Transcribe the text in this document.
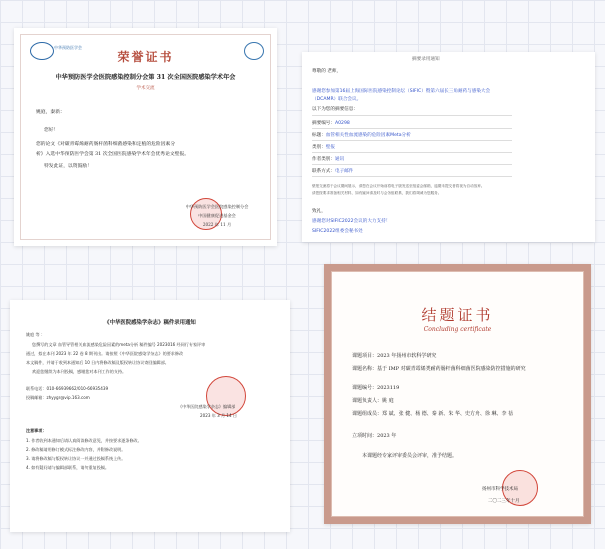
中华预防医学会
荣誉证书
中华预防医学会医院感染控制分会第 31 次全国医院感染学术年会
学术交流
姚庭，秦新：
您好！
您的论文《对碳青霉烯耐药肠杆菌科细菌感染和定植的危险因素分
析》入选中华预防医学会第 31 次全国医院感染学术年会优秀论文壁报。
特发此证，以资鼓励！
中华预防医学会医院感染控制分会
中国健康促进基金会
2022 年 11 月
摘要录用通知
尊敬的 老师，
感谢您参加第16届上海国际医院感染控制论坛（SIFIC）暨第六届长三角耐药与感染大会
（DCAMR）联合会议。
以下为您的摘要信息：
摘要编号：A0298
标题：血管相关性血流感染的危险因素Meta分析
类别：壁报
作者类别：通讯
联系方式：电子邮件
壁报交流将于会议期间展示，请您在会议开始前将电子版发送至组委会邮箱，逾期未提交者将视为自动放弃。
请您按要求准备相关材料，如有疑问请及时与会务组联系，我们将竭诚为您服务。
致礼，
感谢您对SIFIC2022会议的大力支持！
SIFIC2022组委会秘书处
《中华医院感染学杂志》稿件录用通知
姚庭 等 ：
您撰写的文章 血管导管相关血流感染危险因素的meta分析 稿件编号 2023016 经同行专家评审
通过，拟在本刊 2023 年 22 卷 8 期刊出。请按照《中华医院感染学杂志》的要求修改
本文稿件，并请于收到本通知后 10 日内将修改稿及版权转让协议寄回编辑部。
欢迎您继续为本刊投稿，感谢您对本刊工作的支持。
联系电话：010-66939662/010-66935439
投稿邮箱：zhyygr@vip.163.com
《中华医院感染学杂志》编辑部
2023 年 3 月 14 日
注意事项：
1. 作者收到本通知后请认真阅读修改意见，并按要求逐条修改。
2. 修改稿请用修订模式标注修改内容，并附修改说明。
3. 请将修改稿与版权转让协议一并通过投稿系统上传。
4. 如有疑问请与编辑部联系，请勿重复投稿。
结题证书
Concluding certificate
课题项目：2023 年扬州市软科学研究
课题名称：基于 IMP 对碳青霉烯类耐药肠杆菌科细菌医院感染防控措施的研究
课题编号：2023119
课题负责人：姚 庭
课题组成员：郑 斌、张 健、杨 德、秦 新、朱 华、史方舟、徐 琳、李 蓓
立项时间：2023 年
本课题经专家评审委员会评审，准予结题。
扬州市科学技术局
二〇二三年十月
